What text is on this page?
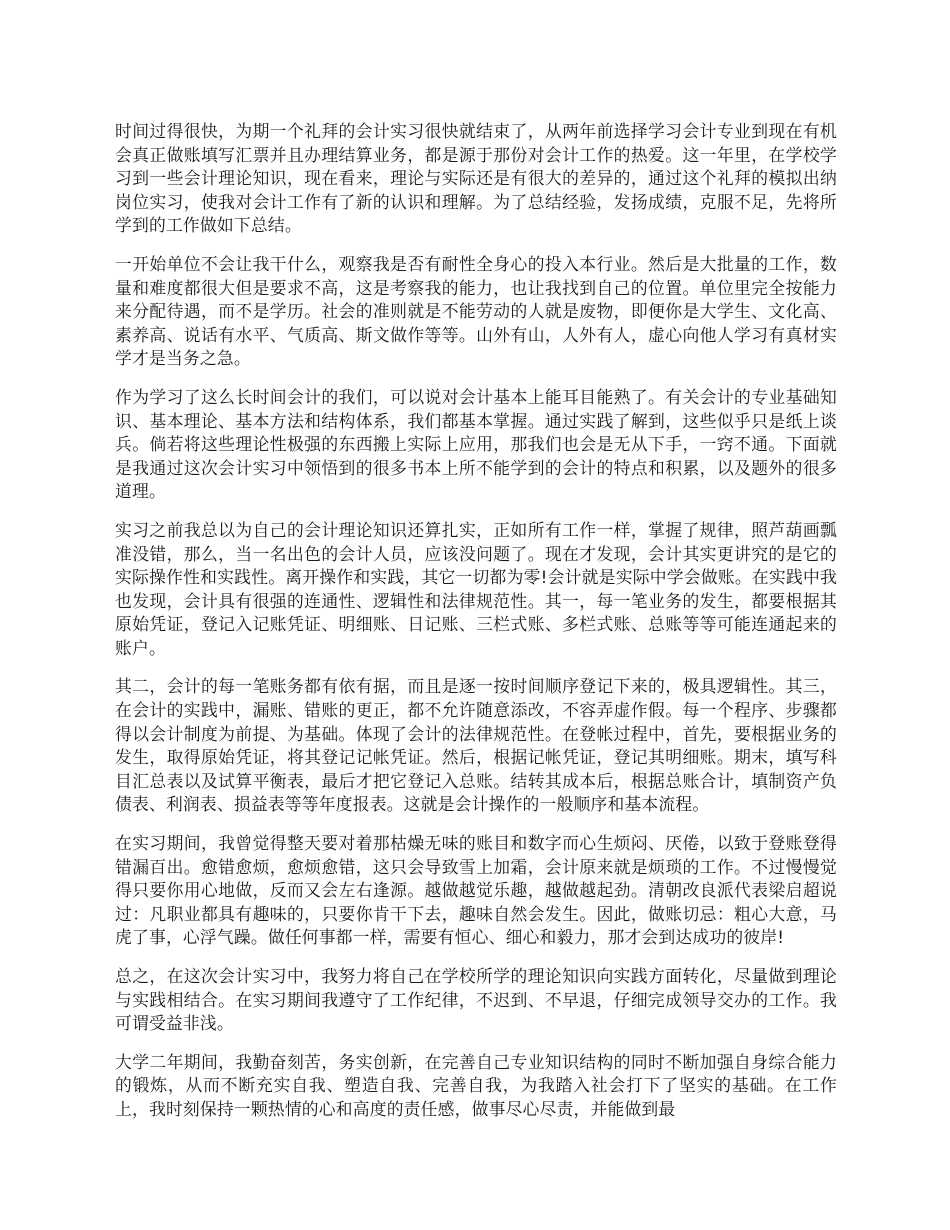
时间过得很快，为期一个礼拜的会计实习很快就结束了，从两年前选择学习会计专业到现在有机会真正做账填写汇票并且办理结算业务，都是源于那份对会计工作的热爱。这一年里，在学校学习到一些会计理论知识，现在看来，理论与实际还是有很大的差异的，通过这个礼拜的模拟出纳岗位实习，使我对会计工作有了新的认识和理解。为了总结经验，发扬成绩，克服不足，先将所学到的工作做如下总结。

一开始单位不会让我干什么，观察我是否有耐性全身心的投入本行业。然后是大批量的工作，数量和难度都很大但是要求不高，这是考察我的能力，也让我找到自己的位置。单位里完全按能力来分配待遇，而不是学历。社会的准则就是不能劳动的人就是废物，即便你是大学生、文化高、素养高、说话有水平、气质高、斯文做作等等。山外有山，人外有人，虚心向他人学习有真材实学才是当务之急。

作为学习了这么长时间会计的我们，可以说对会计基本上能耳目能熟了。有关会计的专业基础知识、基本理论、基本方法和结构体系，我们都基本掌握。通过实践了解到，这些似乎只是纸上谈兵。倘若将这些理论性极强的东西搬上实际上应用，那我们也会是无从下手，一窍不通。下面就是我通过这次会计实习中领悟到的很多书本上所不能学到的会计的特点和积累，以及题外的很多道理。

实习之前我总以为自己的会计理论知识还算扎实，正如所有工作一样，掌握了规律，照芦葫画瓢准没错，那么，当一名出色的会计人员，应该没问题了。现在才发现，会计其实更讲究的是它的实际操作性和实践性。离开操作和实践，其它一切都为零!会计就是实际中学会做账。在实践中我也发现，会计具有很强的连通性、逻辑性和法律规范性。其一，每一笔业务的发生，都要根据其原始凭证，登记入记账凭证、明细账、日记账、三栏式账、多栏式账、总账等等可能连通起来的账户。

其二，会计的每一笔账务都有依有据，而且是逐一按时间顺序登记下来的，极具逻辑性。其三，在会计的实践中，漏账、错账的更正，都不允许随意添改，不容弄虚作假。每一个程序、步骤都得以会计制度为前提、为基础。体现了会计的法律规范性。在登帐过程中，首先，要根据业务的发生，取得原始凭证，将其登记记帐凭证。然后，根据记帐凭证，登记其明细账。期末，填写科目汇总表以及试算平衡表，最后才把它登记入总账。结转其成本后，根据总账合计，填制资产负债表、利润表、损益表等等年度报表。这就是会计操作的一般顺序和基本流程。

在实习期间，我曾觉得整天要对着那枯燥无味的账目和数字而心生烦闷、厌倦，以致于登账登得错漏百出。愈错愈烦，愈烦愈错，这只会导致雪上加霜，会计原来就是烦琐的工作。不过慢慢觉得只要你用心地做，反而又会左右逢源。越做越觉乐趣，越做越起劲。清朝改良派代表梁启超说过：凡职业都具有趣味的，只要你肯干下去，趣味自然会发生。因此，做账切忌：粗心大意，马虎了事，心浮气躁。做任何事都一样，需要有恒心、细心和毅力，那才会到达成功的彼岸!

总之，在这次会计实习中，我努力将自己在学校所学的理论知识向实践方面转化，尽量做到理论与实践相结合。在实习期间我遵守了工作纪律，不迟到、不早退，仔细完成领导交办的工作。我可谓受益非浅。

大学二年期间，我勤奋刻苦，务实创新，在完善自己专业知识结构的同时不断加强自身综合能力的锻炼，从而不断充实自我、塑造自我、完善自我，为我踏入社会打下了坚实的基础。在工作上，我时刻保持一颗热情的心和高度的责任感，做事尽心尽责，并能做到最
